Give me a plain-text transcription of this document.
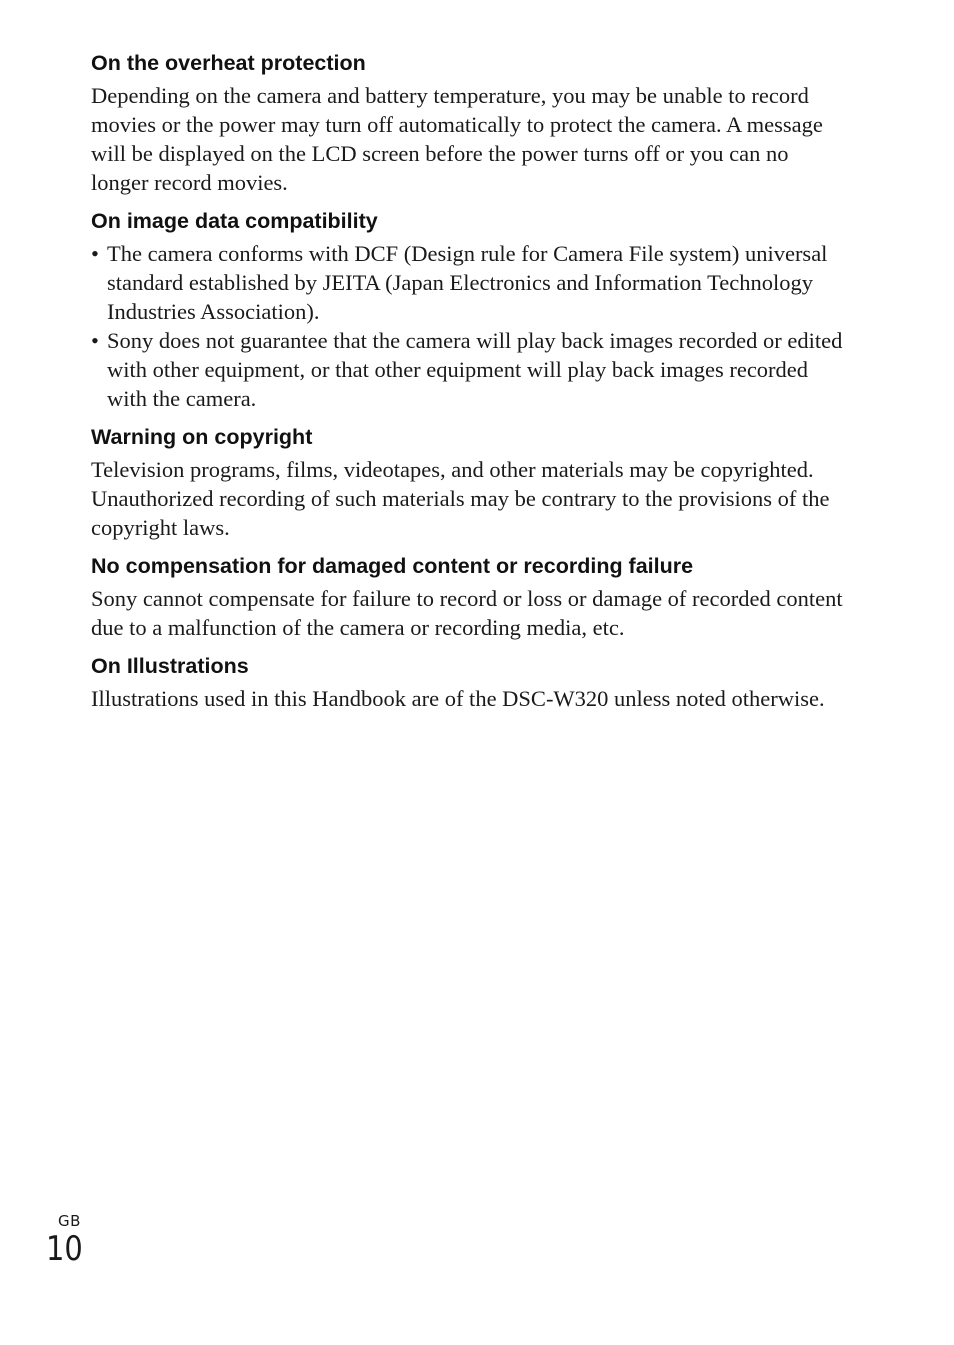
On the overheat protection

Depending on the camera and battery temperature, you may be unable to record movies or the power may turn off automatically to protect the camera. A message will be displayed on the LCD screen before the power turns off or you can no longer record movies.

On image data compatibility
• The camera conforms with DCF (Design rule for Camera File system) universal standard established by JEITA (Japan Electronics and Information Technology Industries Association).
• Sony does not guarantee that the camera will play back images recorded or edited with other equipment, or that other equipment will play back images recorded with the camera.
Warning on copyright

Television programs, films, videotapes, and other materials may be copyrighted. Unauthorized recording of such materials may be contrary to the provisions of the copyright laws.

No compensation for damaged content or recording failure

Sony cannot compensate for failure to record or loss or damage of recorded content due to a malfunction of the camera or recording media, etc.

On Illustrations

Illustrations used in this Handbook are of the DSC-W320 unless noted otherwise.

GB
10
